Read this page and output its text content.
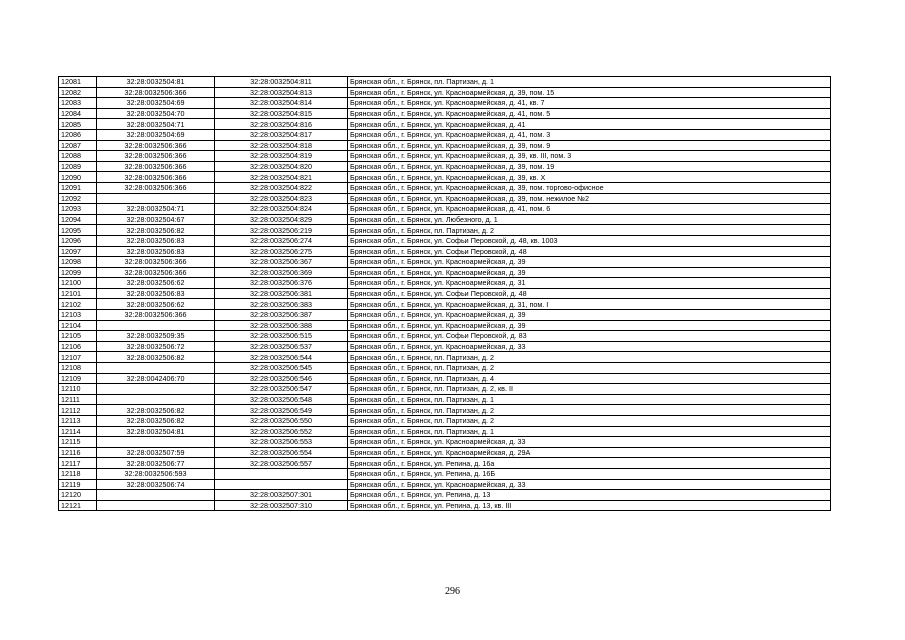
12081	32:28:0032504:81	32:28:0032504:811	Брянская обл., г. Брянск, пл. Партизан, д. 1
12082	32:28:0032506:366	32:28:0032504:813	Брянская обл., г. Брянск, ул. Красноармейская, д. 39, пом. 15
12083	32:28:0032504:69	32:28:0032504:814	Брянская обл., г. Брянск, ул. Красноармейская, д. 41, кв. 7
12084	32:28:0032504:70	32:28:0032504:815	Брянская обл., г. Брянск, ул. Красноармейская, д. 41, пом. 5
12085	32:28:0032504:71	32:28:0032504:816	Брянская обл., г. Брянск, ул. Красноармейская, д. 41
12086	32:28:0032504:69	32:28:0032504:817	Брянская обл., г. Брянск, ул. Красноармейская, д. 41, пом. 3
12087	32:28:0032506:366	32:28:0032504:818	Брянская обл., г. Брянск, ул. Красноармейская, д. 39, пом. 9
12088	32:28:0032506:366	32:28:0032504:819	Брянская обл., г. Брянск, ул. Красноармейская, д. 39, кв. III, пом. 3
12089	32:28:0032506:366	32:28:0032504:820	Брянская обл., г. Брянск, ул. Красноармейская, д. 39, пом. 19
12090	32:28:0032506:366	32:28:0032504:821	Брянская обл., г. Брянск, ул. Красноармейская, д. 39, кв. X
12091	32:28:0032506:366	32:28:0032504:822	Брянская обл., г. Брянск, ул. Красноармейская, д. 39, пом. торгово-офисное
12092		32:28:0032504:823	Брянская обл., г. Брянск, ул. Красноармейская, д. 39, пом. нежилое №2
12093	32:28:0032504:71	32:28:0032504:824	Брянская обл., г. Брянск, ул. Красноармейская, д. 41, пом. 6
12094	32:28:0032504:67	32:28:0032504:829	Брянская обл., г. Брянск, ул. Любезного, д. 1
12095	32:28:0032506:82	32:28:0032506:219	Брянская обл., г. Брянск, пл. Партизан, д. 2
12096	32:28:0032506:83	32:28:0032506:274	Брянская обл., г. Брянск, ул. Софьи Перовской, д. 48, кв. 1003
12097	32:28:0032506:83	32:28:0032506:275	Брянская обл., г. Брянск, ул. Софьи Перовской, д. 48
12098	32:28:0032506:366	32:28:0032506:367	Брянская обл., г. Брянск, ул. Красноармейская, д. 39
12099	32:28:0032506:366	32:28:0032506:369	Брянская обл., г. Брянск, ул. Красноармейская, д. 39
12100	32:28:0032506:62	32:28:0032506:376	Брянская обл., г. Брянск, ул. Красноармейская, д. 31
12101	32:28:0032506:83	32:28:0032506:381	Брянская обл., г. Брянск, ул. Софьи Перовской, д. 48
12102	32:28:0032506:62	32:28:0032506:383	Брянская обл., г. Брянск, ул. Красноармейская, д. 31, пом. I
12103	32:28:0032506:366	32:28:0032506:387	Брянская обл., г. Брянск, ул. Красноармейская, д. 39
12104		32:28:0032506:388	Брянская обл., г. Брянск, ул. Красноармейская, д. 39
12105	32:28:0032509:35	32:28:0032506:515	Брянская обл., г. Брянск, ул. Софьи Перовской, д. 83
12106	32:28:0032506:72	32:28:0032506:537	Брянская обл., г. Брянск, ул. Красноармейская, д. 33
12107	32:28:0032506:82	32:28:0032506:544	Брянская обл., г. Брянск, пл. Партизан, д. 2
12108		32:28:0032506:545	Брянская обл., г. Брянск, пл. Партизан, д. 2
12109	32:28:0042406:70	32:28:0032506:546	Брянская обл., г. Брянск, пл. Партизан, д. 4
12110		32:28:0032506:547	Брянская обл., г. Брянск, пл. Партизан, д. 2, кв. II
12111		32:28:0032506:548	Брянская обл., г. Брянск, пл. Партизан, д. 1
12112	32:28:0032506:82	32:28:0032506:549	Брянская обл., г. Брянск, пл. Партизан, д. 2
12113	32:28:0032506:82	32:28:0032506:550	Брянская обл., г. Брянск, пл. Партизан, д. 2
12114	32:28:0032504:81	32:28:0032506:552	Брянская обл., г. Брянск, пл. Партизан, д. 1
12115		32:28:0032506:553	Брянская обл., г. Брянск, ул. Красноармейская, д. 33
12116	32:28:0032507:59	32:28:0032506:554	Брянская обл., г. Брянск, ул. Красноармейская, д. 29А
12117	32:28:0032506:77	32:28:0032506:557	Брянская обл., г. Брянск, ул. Репина, д. 16а
12118	32:28:0032506:593		Брянская обл., г. Брянск, ул. Репина, д. 16Б
12119	32:28:0032506:74		Брянская обл., г. Брянск, ул. Красноармейская, д. 33
12120		32:28:0032507:301	Брянская обл., г. Брянск, ул. Репина, д. 13
12121		32:28:0032507:310	Брянская обл., г. Брянск, ул. Репина, д. 13, кв. III
296
